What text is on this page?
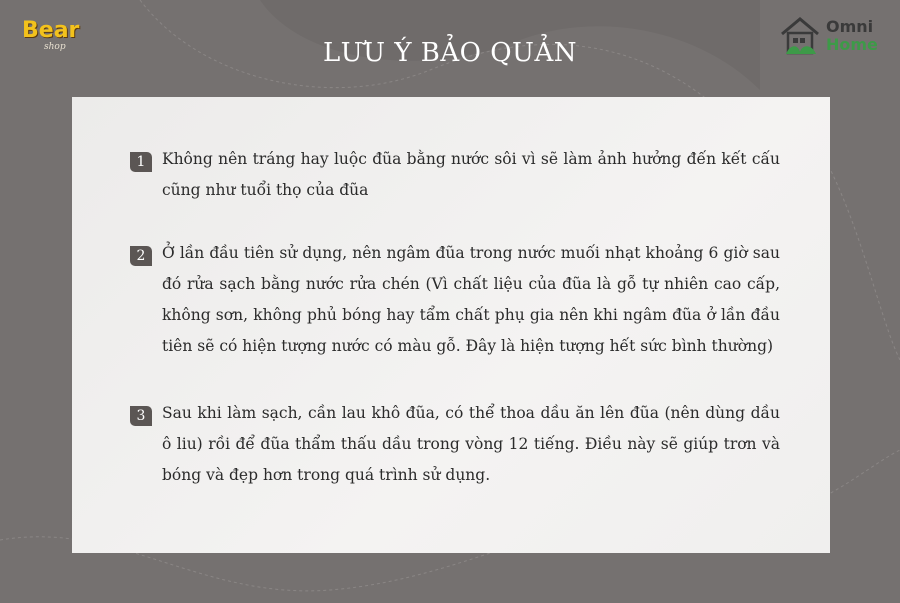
Bear
shop
Omni
Home
LƯU Ý BẢO QUẢN
1	Không nên tráng hay luộc đũa bằng nước sôi vì sẽ làm ảnh hưởng đến kết cấu cũng như tuổi thọ của đũa

2	Ở lần đầu tiên sử dụng, nên ngâm đũa trong nước muối nhạt khoảng 6 giờ sau đó rửa sạch bằng nước rửa chén (Vì chất liệu của đũa là gỗ tự nhiên cao cấp, không sơn, không phủ bóng hay tẩm chất phụ gia nên khi ngâm đũa ở lần đầu tiên sẽ có hiện tượng nước có màu gỗ. Đây là hiện tượng hết sức bình thường)

3	Sau khi làm sạch, cần lau khô đũa, có thể thoa dầu ăn lên đũa (nên dùng dầu ô liu) rồi để đũa thẩm thấu dầu trong vòng 12 tiếng. Điều này sẽ giúp trơn và bóng và đẹp hơn trong quá trình sử dụng.
